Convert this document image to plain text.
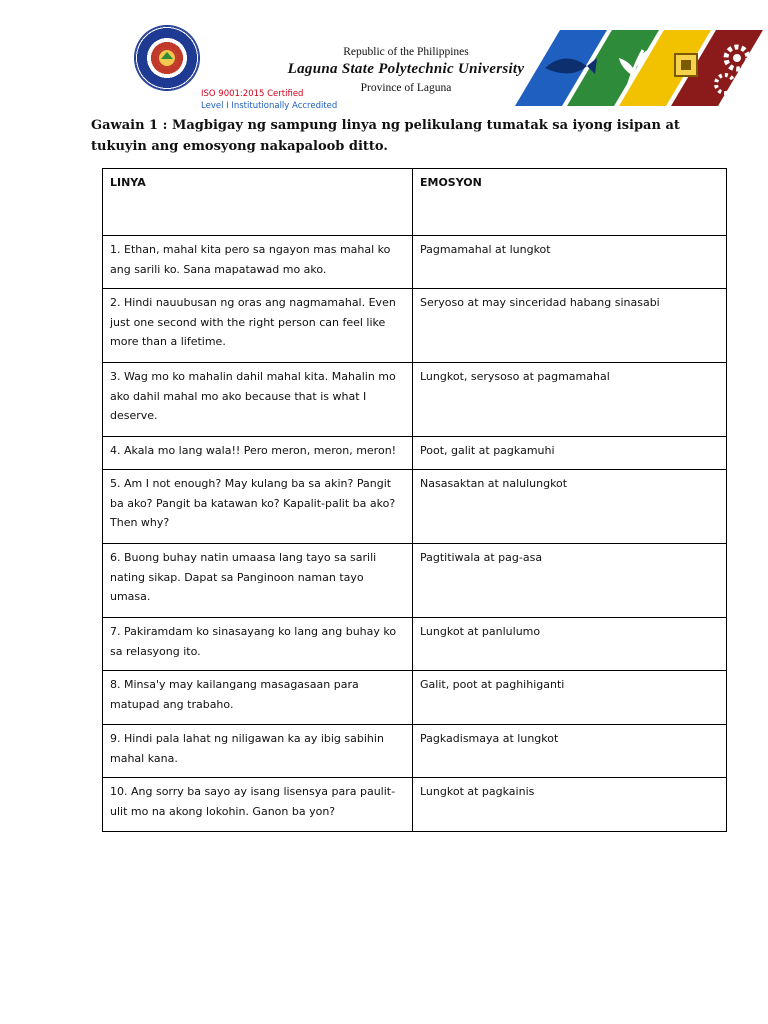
ISO 9001:2015 Certified
Level I Institutionally Accredited
Republic of the Philippines
Laguna State Polytechnic University
Province of Laguna
Gawain 1 : Magbigay ng sampung linya ng pelikulang tumatak sa iyong isipan at tukuyin ang emosyong nakapaloob ditto.
LINYA	EMOSYON
1. Ethan, mahal kita pero sa ngayon mas mahal ko ang sarili ko. Sana mapatawad mo ako.	Pagmamahal at lungkot
2. Hindi nauubusan ng oras ang nagmamahal. Even just one second with the right person can feel like more than a lifetime.	Seryoso at may sinceridad habang sinasabi
3. Wag mo ko mahalin dahil mahal kita. Mahalin mo ako dahil mahal mo ako because that is what I deserve.	Lungkot, serysoso at pagmamahal
4. Akala mo lang wala!! Pero meron, meron, meron!	Poot, galit at pagkamuhi
5. Am I not enough? May kulang ba sa akin? Pangit ba ako? Pangit ba katawan ko? Kapalit-palit ba ako? Then why?	Nasasaktan at nalulungkot
6. Buong buhay natin umaasa lang tayo sa sarili nating sikap. Dapat sa Panginoon naman tayo umasa.	Pagtitiwala at pag-asa
7. Pakiramdam ko sinasayang ko lang ang buhay ko sa relasyong ito.	Lungkot at panlulumo
8. Minsa'y may kailangang masagasaan para matupad ang trabaho.	Galit, poot at paghihiganti
9. Hindi pala lahat ng niligawan ka ay ibig sabihin mahal kana.	Pagkadismaya at lungkot
10. Ang sorry ba sayo ay isang lisensya para paulit-ulit mo na akong lokohin. Ganon ba yon?	Lungkot at pagkainis
